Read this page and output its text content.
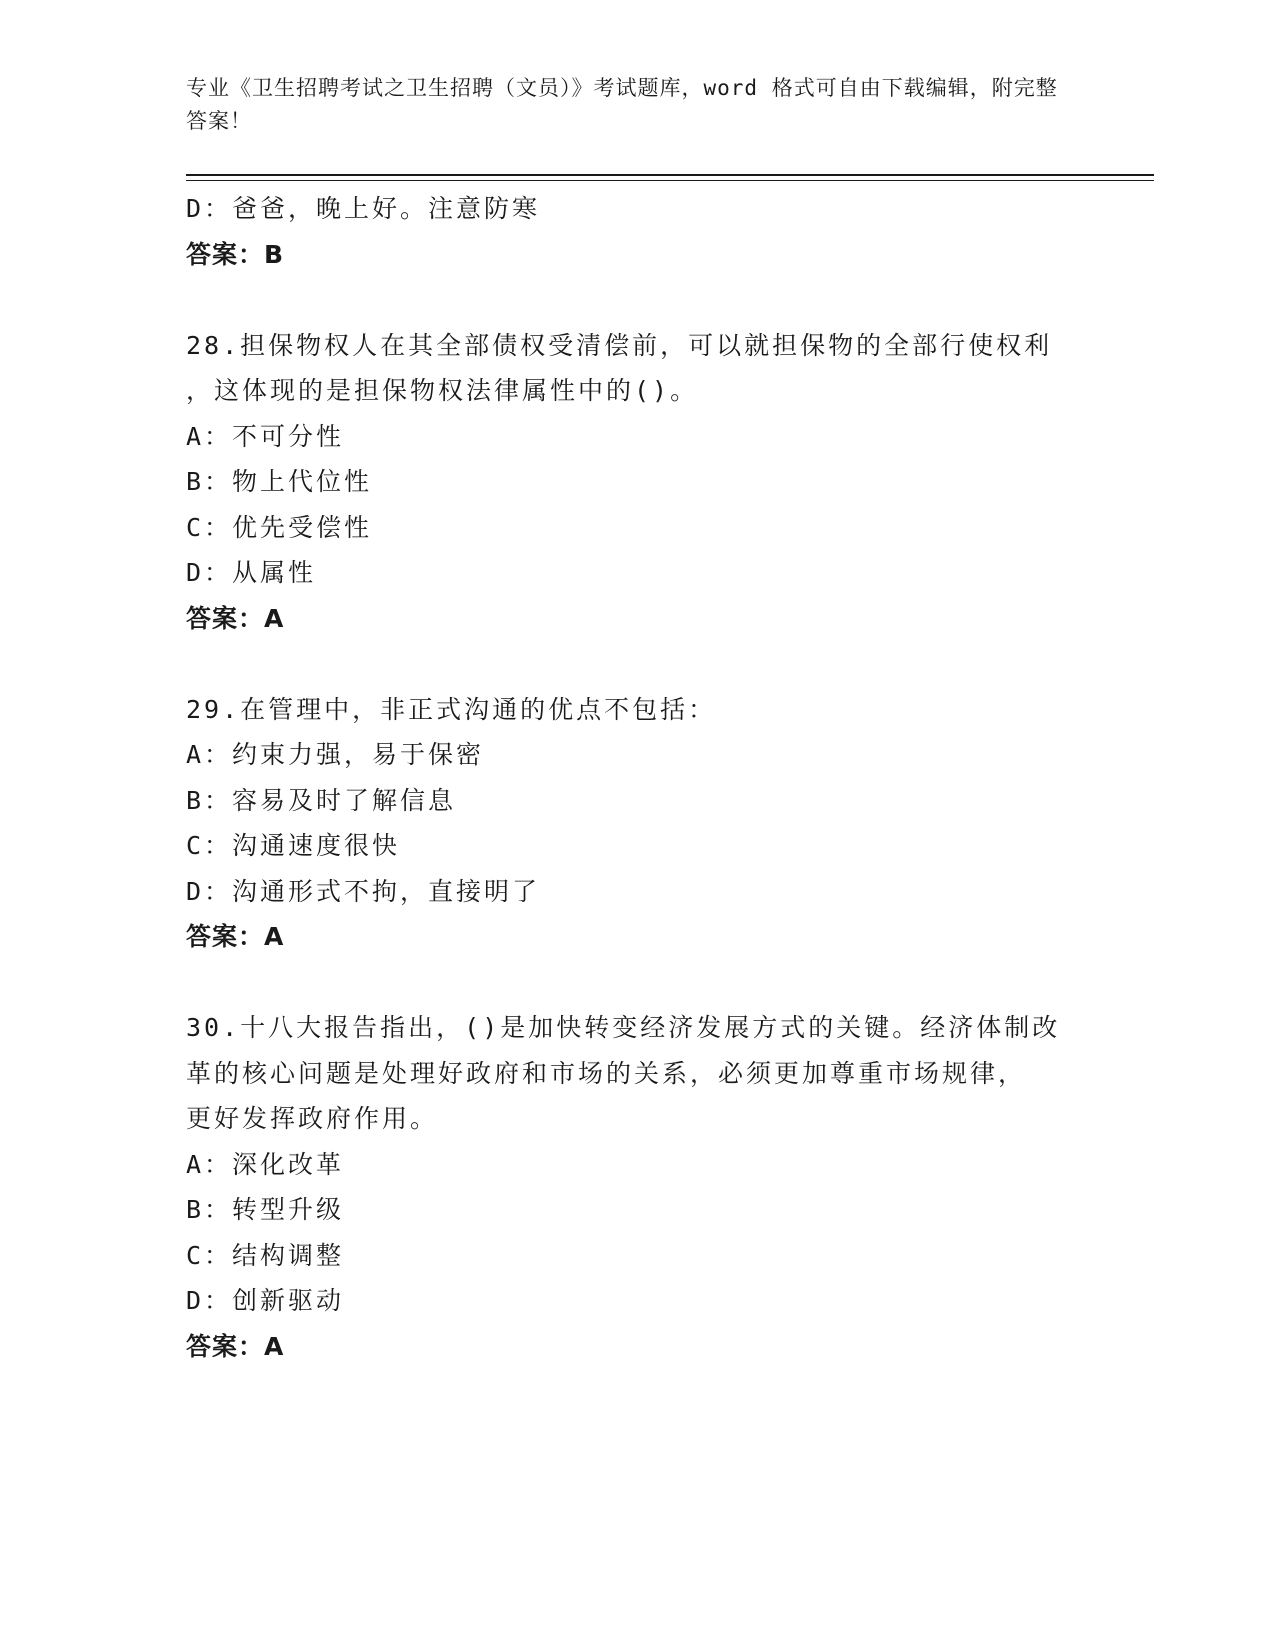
专业《卫生招聘考试之卫生招聘（文员）》考试题库，word 格式可自由下载编辑，附完整答案！
D：爸爸，晚上好。注意防寒
答案：B
28.担保物权人在其全部债权受清偿前，可以就担保物的全部行使权利
，这体现的是担保物权法律属性中的()。
A：不可分性
B：物上代位性
C：优先受偿性
D：从属性
答案：A
29.在管理中，非正式沟通的优点不包括：
A：约束力强，易于保密
B：容易及时了解信息
C：沟通速度很快
D：沟通形式不拘，直接明了
答案：A
30.十八大报告指出，()是加快转变经济发展方式的关键。经济体制改
革的核心问题是处理好政府和市场的关系，必须更加尊重市场规律，
更好发挥政府作用。
A：深化改革
B：转型升级
C：结构调整
D：创新驱动
答案：A
